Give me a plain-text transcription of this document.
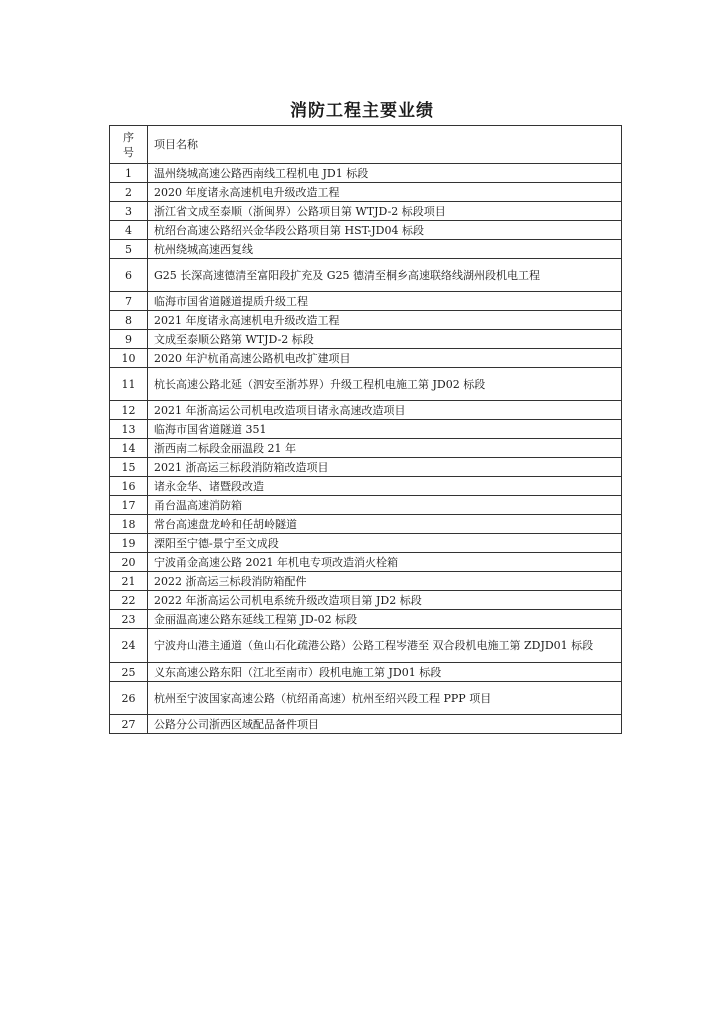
消防工程主要业绩
序
号	项目名称
1	温州绕城高速公路西南线工程机电 JD1 标段
2	2020 年度诸永高速机电升级改造工程
3	浙江省文成至泰顺（浙闽界）公路项目第 WTJD-2 标段项目
4	杭绍台高速公路绍兴金华段公路项目第 HST-JD04 标段
5	杭州绕城高速西复线
6	G25 长深高速德清至富阳段扩充及 G25 德清至桐乡高速联络线湖州段机电工程
7	临海市国省道隧道提质升级工程
8	2021 年度诸永高速机电升级改造工程
9	文成至泰顺公路第 WTJD-2 标段
10	2020 年沪杭甬高速公路机电改扩建项目
11	杭长高速公路北延（泗安至浙苏界）升级工程机电施工第 JD02 标段
12	2021 年浙高运公司机电改造项目诸永高速改造项目
13	临海市国省道隧道 351
14	浙西南二标段金丽温段 21 年
15	2021 浙高运三标段消防箱改造项目
16	诸永金华、诸暨段改造
17	甬台温高速消防箱
18	常台高速盘龙岭和任胡岭隧道
19	溧阳至宁德-景宁至文成段
20	宁波甬金高速公路 2021 年机电专项改造消火栓箱
21	2022 浙高运三标段消防箱配件
22	2022 年浙高运公司机电系统升级改造项目第 JD2 标段
23	金丽温高速公路东延线工程第 JD-02 标段
24	宁波舟山港主通道（鱼山石化疏港公路）公路工程岑港至 双合段机电施工第 ZDJD01 标段
25	义东高速公路东阳（江北至南市）段机电施工第 JD01 标段
26	杭州至宁波国家高速公路（杭绍甬高速）杭州至绍兴段工程 PPP 项目
27	公路分公司浙西区域配品备件项目
